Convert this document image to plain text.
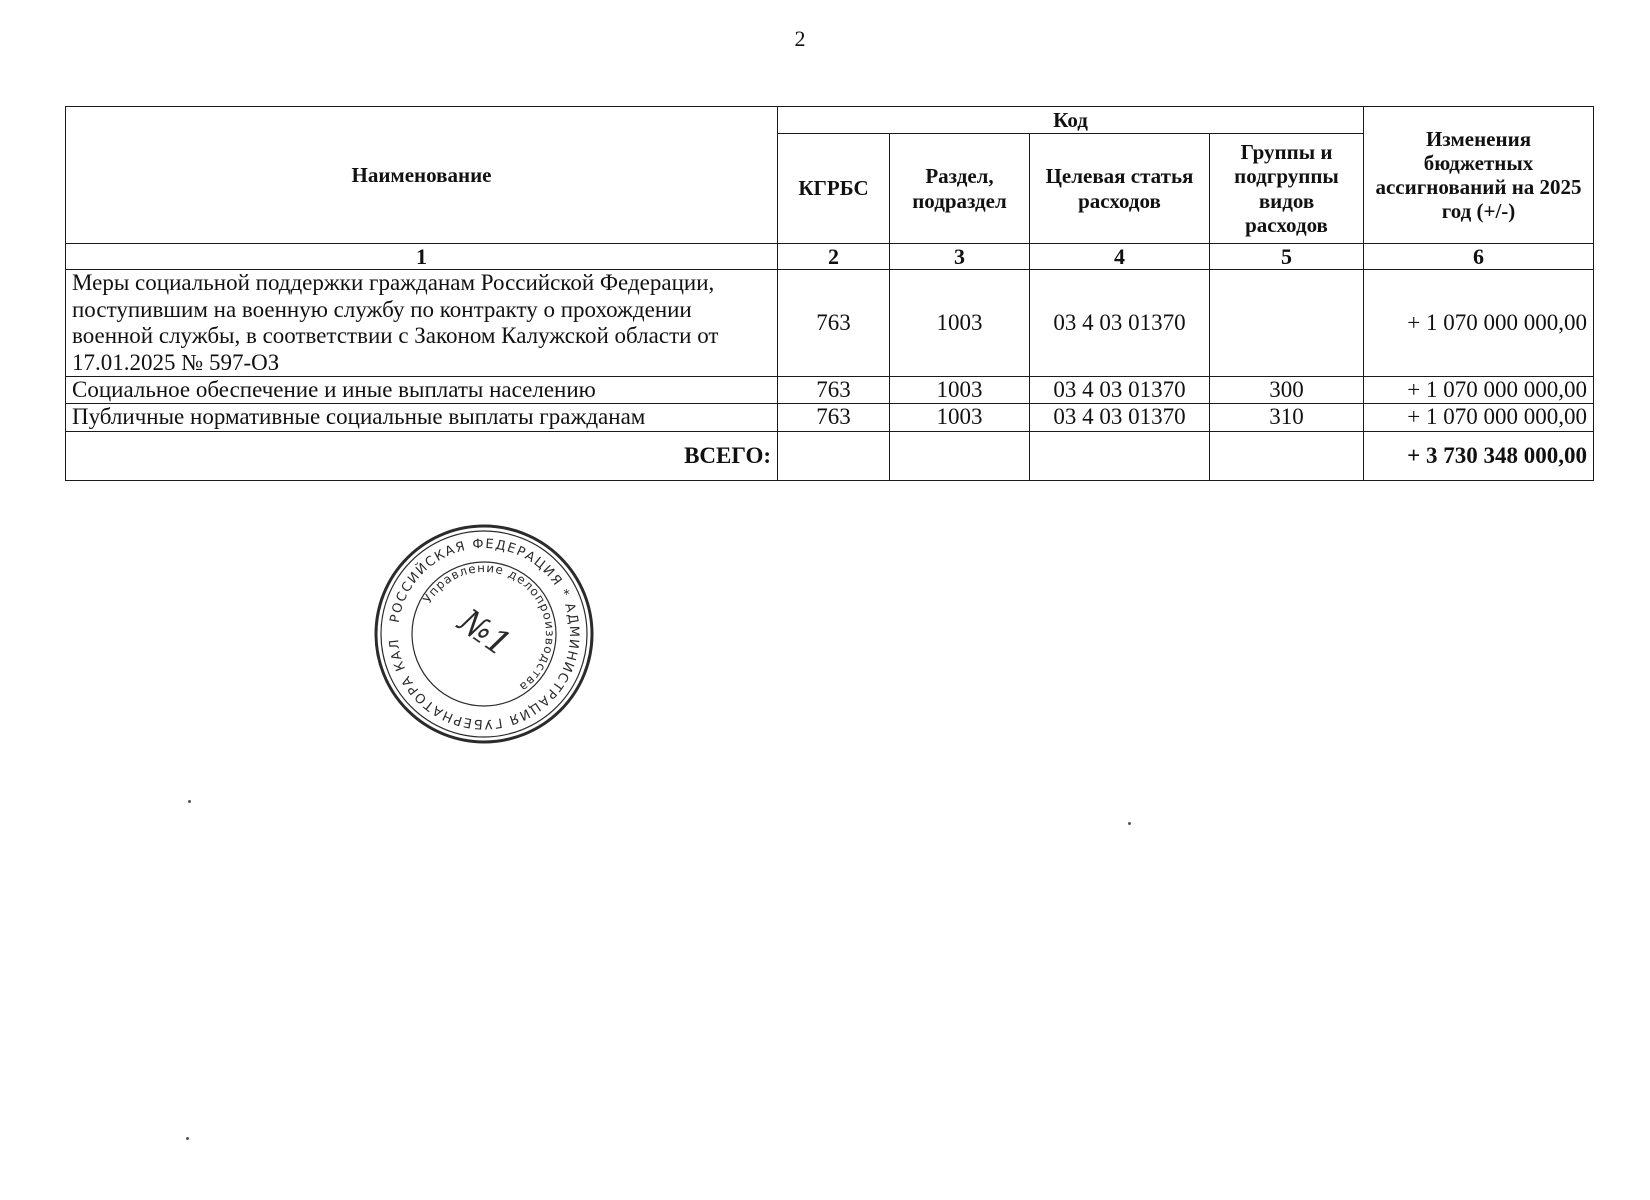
2
Наименование	Код				Изменения бюджетных ассигнований на 2025 год (+/-)
	КГРБС	Раздел, подраздел	Целевая статья расходов	Группы и подгруппы видов расходов	
1	2	3	4	5	6
Меры социальной поддержки гражданам Российской Федерации, поступившим на военную службу по контракту о прохождении военной службы, в соответствии с Законом Калужской области от 17.01.2025 № 597-ОЗ	763	1003	03 4 03 01370		+ 1 070 000 000,00
Социальное обеспечение и иные выплаты населению	763	1003	03 4 03 01370	300	+ 1 070 000 000,00
Публичные нормативные социальные выплаты гражданам	763	1003	03 4 03 01370	310	+ 1 070 000 000,00
ВСЕГО:					+ 3 730 348 000,00
РОССИЙСКАЯ ФЕДЕРАЦИЯ * АДМИНИСТРАЦИЯ ГУБЕРНАТОРА КАЛ
Управление делопроизводства
№1
